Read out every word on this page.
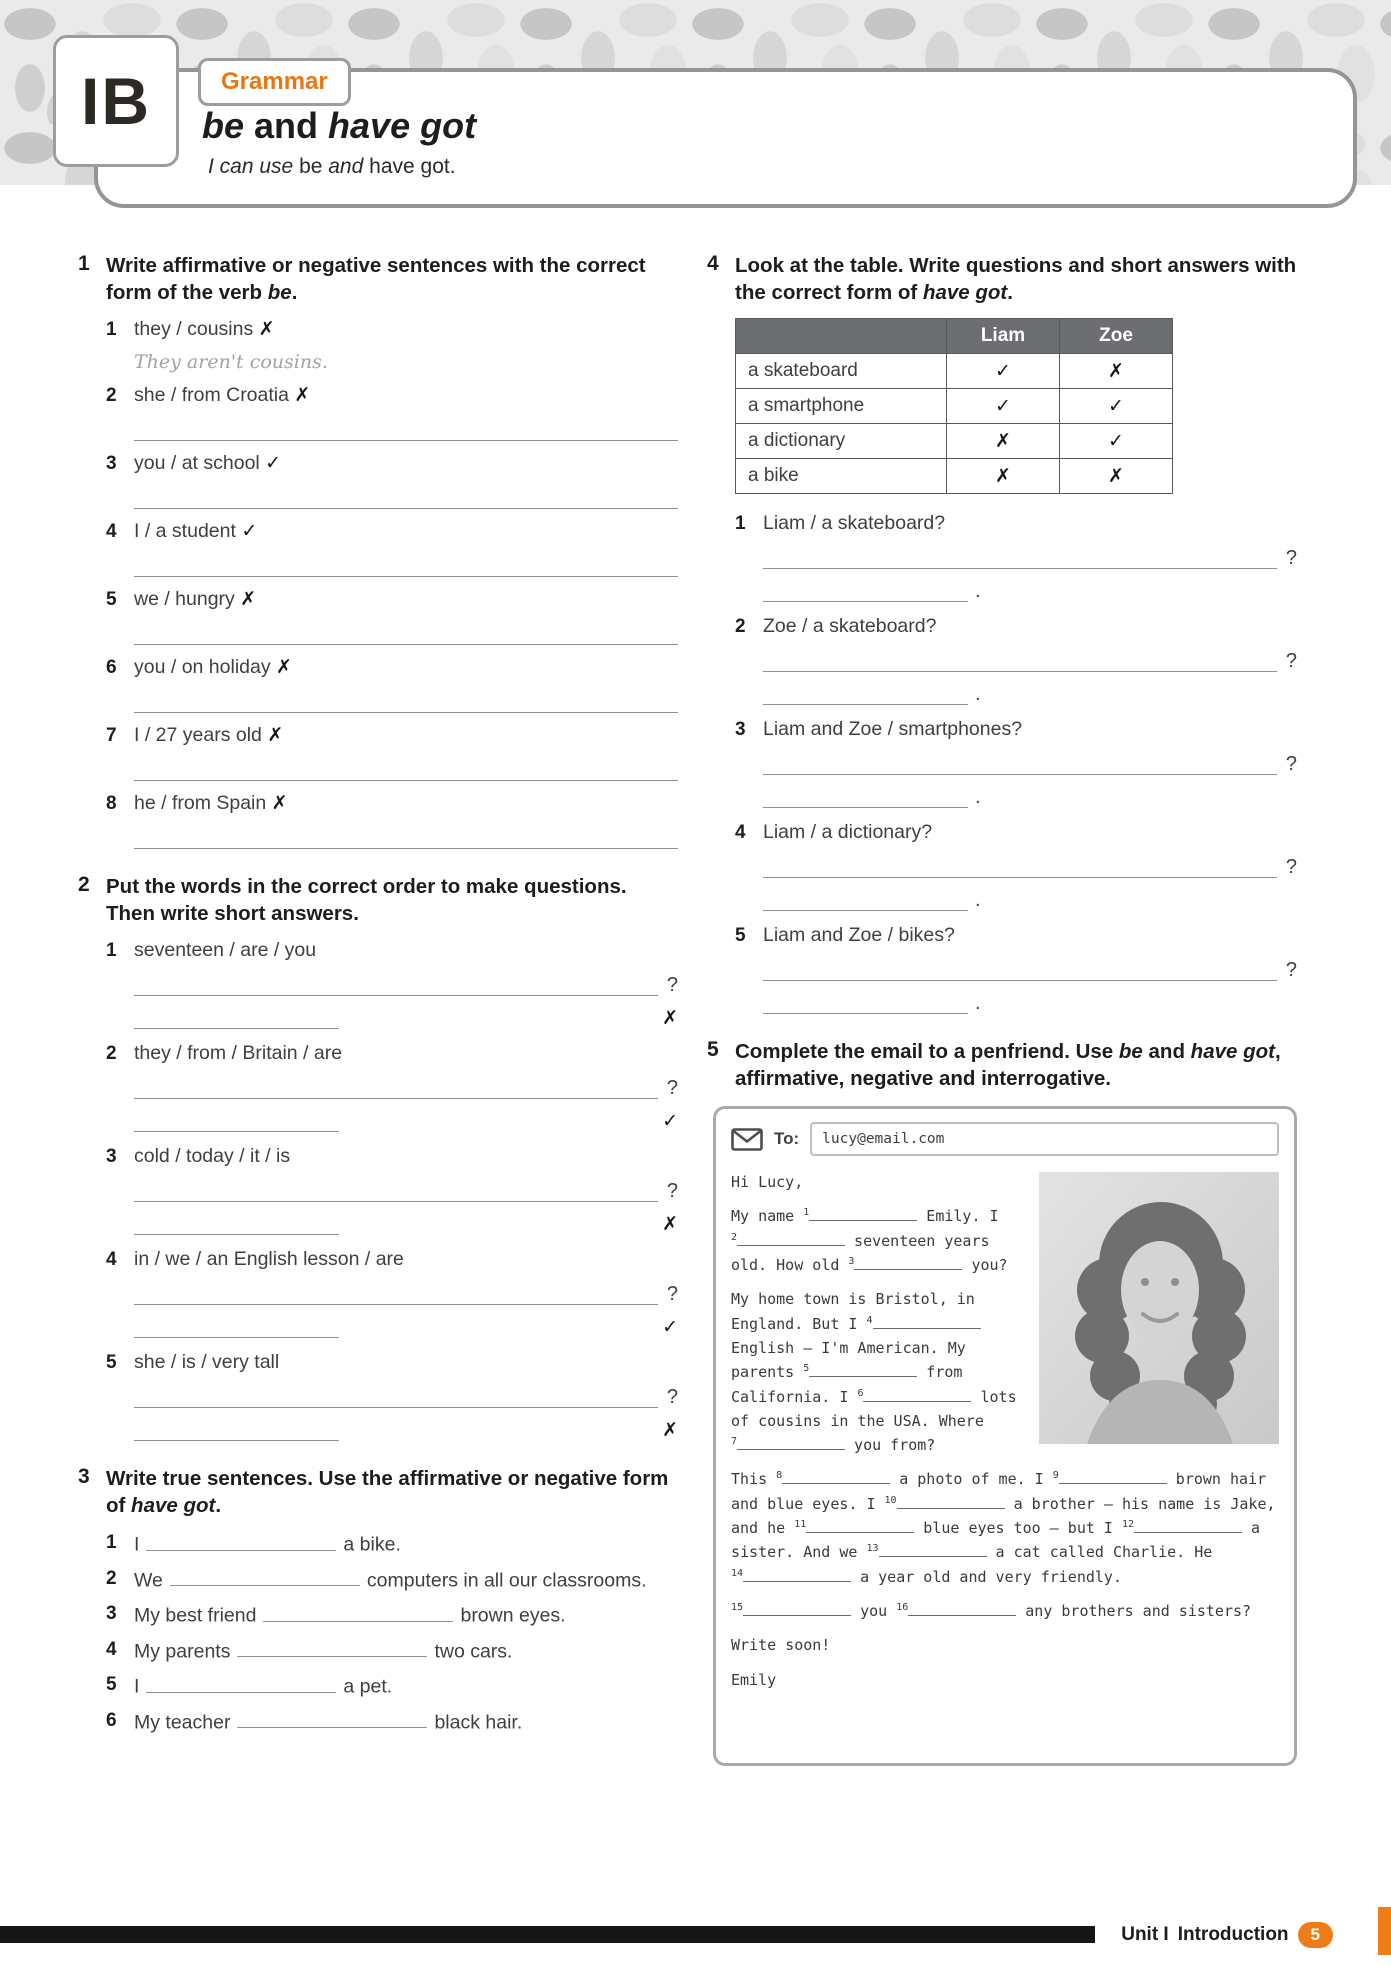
IB	Grammar
be and have got

I can use be and have got.

1 Write affirmative or negative sentences with the correct form of the verb be.
1 they / cousins ✗
They aren't cousins.
2 she / from Croatia ✗
3 you / at school ✓
4 I / a student ✓
5 we / hungry ✗
6 you / on holiday ✗
7 I / 27 years old ✗
8 he / from Spain ✗
2 Put the words in the correct order to make questions. Then write short answers.
1 seventeen / are / you
?
✗
2 they / from / Britain / are
?
✓
3 cold / today / it / is
?
✗
4 in / we / an English lesson / are
?
✓
5 she / is / very tall
?
✗
3 Write true sentences. Use the affirmative or negative form of have got.
1 I	a bike.
2 We	computers in all our classrooms.
3 My best friend	brown eyes.
4 My parents	two cars.
5 I	a pet.
6 My teacher	black hair.
4 Look at the table. Write questions and short answers with the correct form of have got.
	Liam	Zoe
a skateboard	✓	✗
a smartphone	✓	✓
a dictionary	✗	✓
a bike	✗	✗
1 Liam / a skateboard?
?
.
2 Zoe / a skateboard?
?
.
3 Liam and Zoe / smartphones?
?
.
4 Liam / a dictionary?
?
.
5 Liam and Zoe / bikes?
?
.
5 Complete the email to a penfriend. Use be and have got, affirmative, negative and interrogative.
To: lucy@email.com

Hi Lucy,

My name $^1$	Emily. I $^2$	seventeen years old. How old $^3$	you?

My home town is Bristol, in England. But I $^4$ English – I'm American. My parents $^5$	from California. I $^6$	lots of cousins in the USA. Where $^7$	you from?

This $^8$	a photo of me. I $^9$	brown hair and blue eyes. I $^{10}$	a brother – his name is Jake, and he $^{11}$	blue eyes too – but I $^{12}$	a sister. And we $^{13}$	a cat called Charlie. He $^{14}$	a year old and very friendly.

$^{15}$	you $^{16}$	any brothers and sisters?

Write soon!

Emily

Unit I Introduction	5
